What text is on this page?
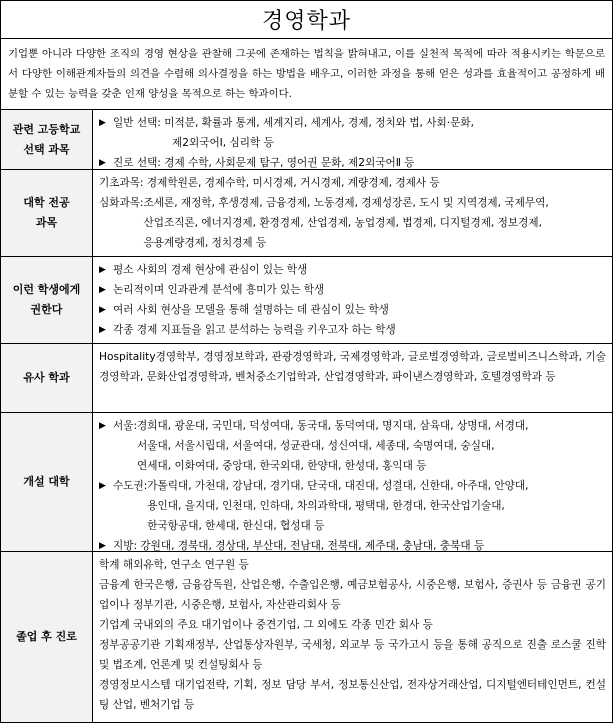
경영학과
기업뿐 아니라 다양한 조직의 경영 현상을 관찰해 그곳에 존재하는 법칙을 밝혀내고, 이를 실천적 목적에 따라 적용시키는 학문으로서 다양한 이해관계자들의 의견을 수렴해 의사결정을 하는 방법을 배우고, 이러한 과정을 통해 얻은 성과를 효율적이고 공정하게 배분할 수 있는 능력을 갖춘 인재 양성을 목적으로 하는 학과이다.
관련 고등학교
선택 과목
▶ 일반 선택: 미적분, 확률과 통계, 세계지리, 세계사, 경제, 정치와 법, 사회·문화,
제2외국어Ⅰ, 심리학 등
▶ 진로 선택: 경제 수학, 사회문제 탐구, 영어권 문화, 제2외국어Ⅱ 등
대학 전공
과목
기초과목: 경제학원론, 경제수학, 미시경제, 거시경제, 계량경제, 경제사 등
심화과목: 조세론, 재정학, 후생경제, 금융경제, 노동경제, 경제성장론, 도시 및 지역경제, 국제무역,
산업조직론, 에너지경제, 환경경제, 산업경제, 농업경제, 법경제, 디지털경제, 정보경제,
응용계량경제, 정치경제 등
이런 학생에게
권한다
▶ 평소 사회의 경제 현상에 관심이 있는 학생
▶ 논리적이며 인과관계 분석에 흥미가 있는 학생
▶ 여러 사회 현상을 모델을 통해 설명하는 데 관심이 있는 학생
▶ 각종 경제 지표들을 읽고 분석하는 능력을 키우고자 하는 학생
유사 학과
Hospitality경영학부, 경영정보학과, 관광경영학과, 국제경영학과, 글로벌경영학과, 글로벌비즈니스학과, 기술경영학과, 문화산업경영학과, 벤처중소기업학과, 산업경영학과, 파이낸스경영학과, 호텔경영학과 등
개설 대학
▶ 서울: 경희대, 광운대, 국민대, 덕성여대, 동국대, 동덕여대, 명지대, 삼육대, 상명대, 서경대,
서울대, 서울시립대, 서울여대, 성균관대, 성신여대, 세종대, 숙명여대, 숭실대,
연세대, 이화여대, 중앙대, 한국외대, 한양대, 한성대, 홍익대 등
▶ 수도권: 가톨릭대, 가천대, 강남대, 경기대, 단국대, 대진대, 성결대, 신한대, 아주대, 안양대,
용인대, 을지대, 인천대, 인하대, 차의과학대, 평택대, 한경대, 한국산업기술대,
한국항공대, 한세대, 한신대, 협성대 등
▶ 지방: 강원대, 경북대, 경상대, 부산대, 전남대, 전북대, 제주대, 충남대, 충북대 등
졸업 후 진로
학계 해외유학, 연구소 연구원 등
금융계 한국은행, 금융감독원, 산업은행, 수출입은행, 예금보험공사, 시중은행, 보험사, 증권사 등 금융권 공기업이나 정부기관, 시중은행, 보험사, 자산관리회사 등
기업계 국내외의 주요 대기업이나 중견기업, 그 외에도 각종 민간 회사 등
정부공공기관 기획재정부, 산업통상자원부, 국세청, 외교부 등 국가고시 등을 통해 공직으로 진출 로스쿨 진학 및 법조계, 언론계 및 컨설팅회사 등
경영정보시스템 대기업전략, 기획, 정보 담당 부서, 정보통신산업, 전자상거래산업, 디지털엔터테인먼트, 컨설팅 산업, 벤처기업 등
